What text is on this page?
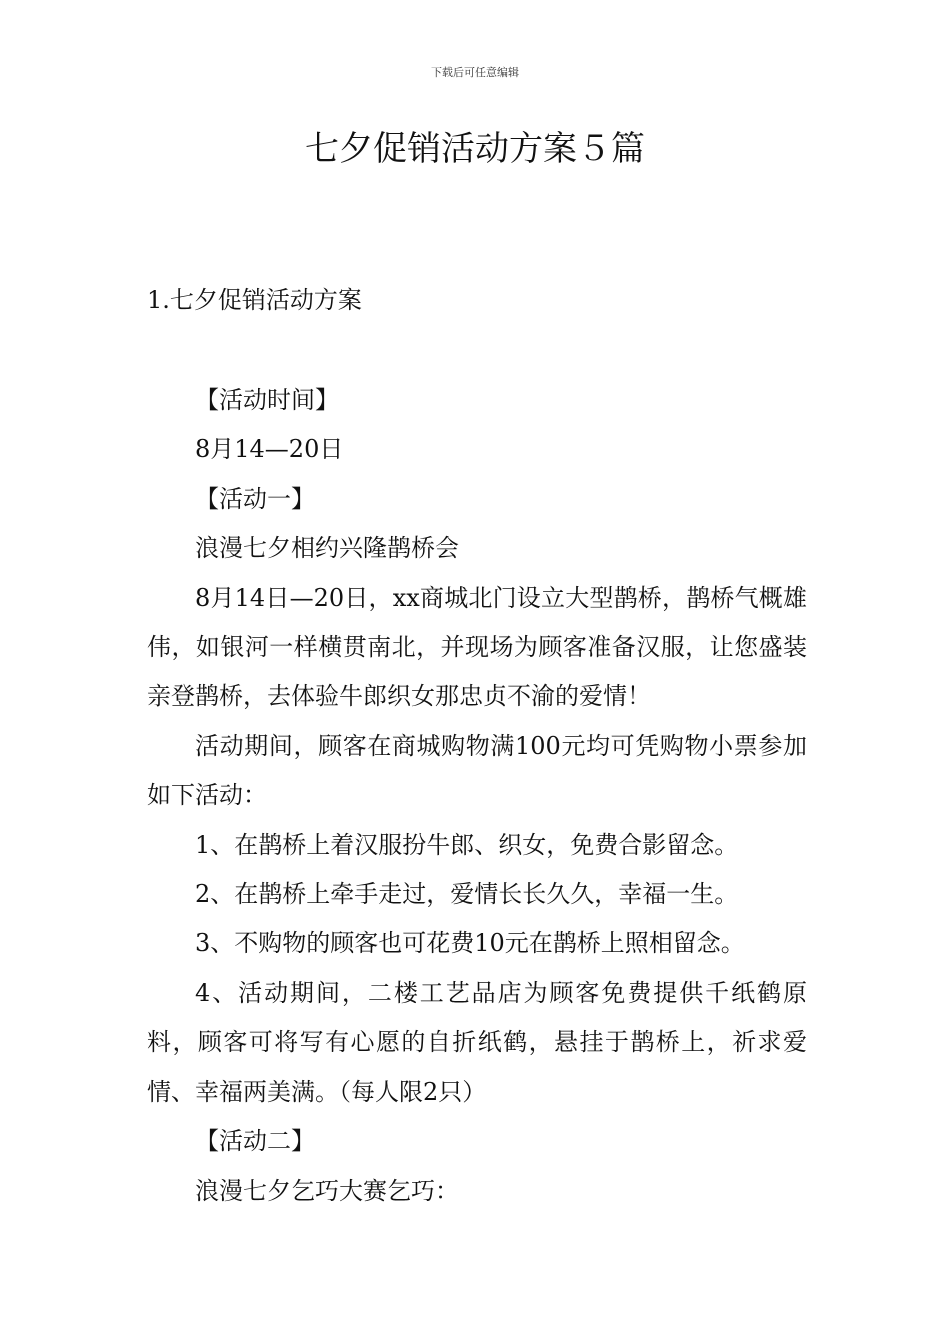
下载后可任意编辑
七夕促销活动方案５篇
1.七夕促销活动方案

【活动时间】

8月14—20日

【活动一】

浪漫七夕相约兴隆鹊桥会

8月14日—20日，xx商城北门设立大型鹊桥，鹊桥气概雄伟，如银河一样横贯南北，并现场为顾客准备汉服，让您盛装亲登鹊桥，去体验牛郎织女那忠贞不渝的爱情！

活动期间，顾客在商城购物满100元均可凭购物小票参加如下活动：

1、在鹊桥上着汉服扮牛郎、织女，免费合影留念。

2、在鹊桥上牵手走过，爱情长长久久，幸福一生。

3、不购物的顾客也可花费10元在鹊桥上照相留念。

4、活动期间，二楼工艺品店为顾客免费提供千纸鹤原料，顾客可将写有心愿的自折纸鹤，悬挂于鹊桥上，祈求爱情、幸福两美满。（每人限2只）

【活动二】

浪漫七夕乞巧大赛乞巧：
